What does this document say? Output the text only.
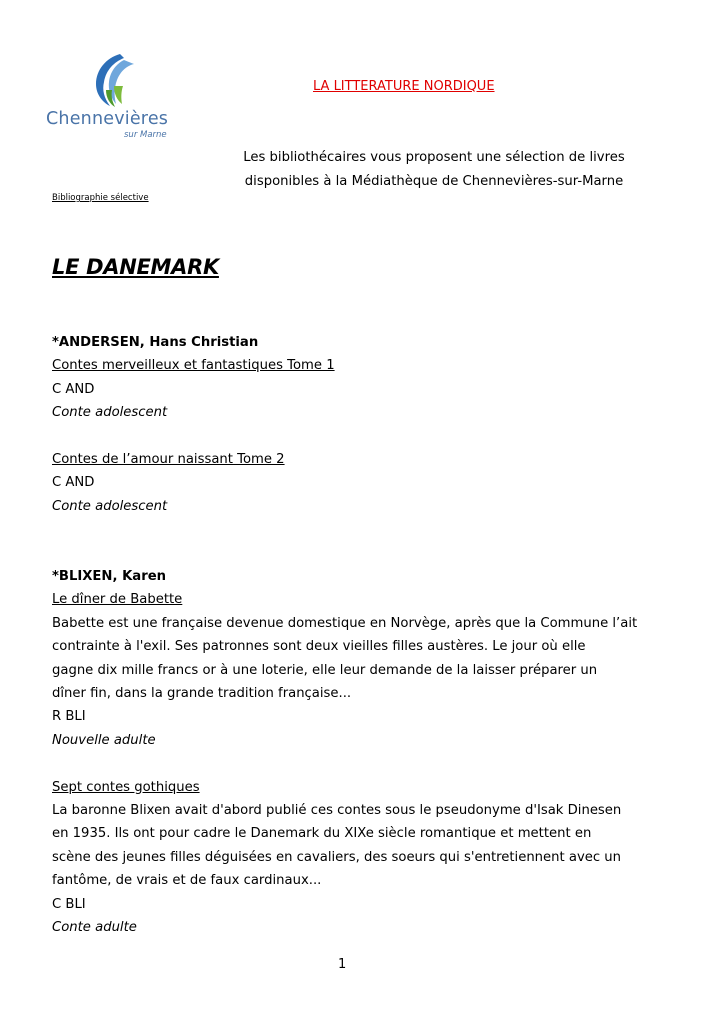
Chennevières
sur Marne
LA LITTERATURE NORDIQUE
Les bibliothécaires vous proposent une sélection de livres
disponibles à la Médiathèque de Chennevières-sur-Marne
Bibliographie sélective
LE DANEMARK
*ANDERSEN, Hans Christian
Contes merveilleux et fantastiques Tome 1
C AND
Conte adolescent
Contes de l’amour naissant Tome 2
C AND
Conte adolescent
*BLIXEN, Karen
Le dîner de Babette
Babette est une française devenue domestique en Norvège, après que la Commune l’ait
contrainte à l'exil. Ses patronnes sont deux vieilles filles austères. Le jour où elle
gagne dix mille francs or à une loterie, elle leur demande de la laisser préparer un
dîner fin, dans la grande tradition française...
R BLI
Nouvelle adulte
Sept contes gothiques
La baronne Blixen avait d'abord publié ces contes sous le pseudonyme d'Isak Dinesen
en 1935. Ils ont pour cadre le Danemark du XIXe siècle romantique et mettent en
scène des jeunes filles déguisées en cavaliers, des soeurs qui s'entretiennent avec un
fantôme, de vrais et de faux cardinaux...
C BLI
Conte adulte
1
